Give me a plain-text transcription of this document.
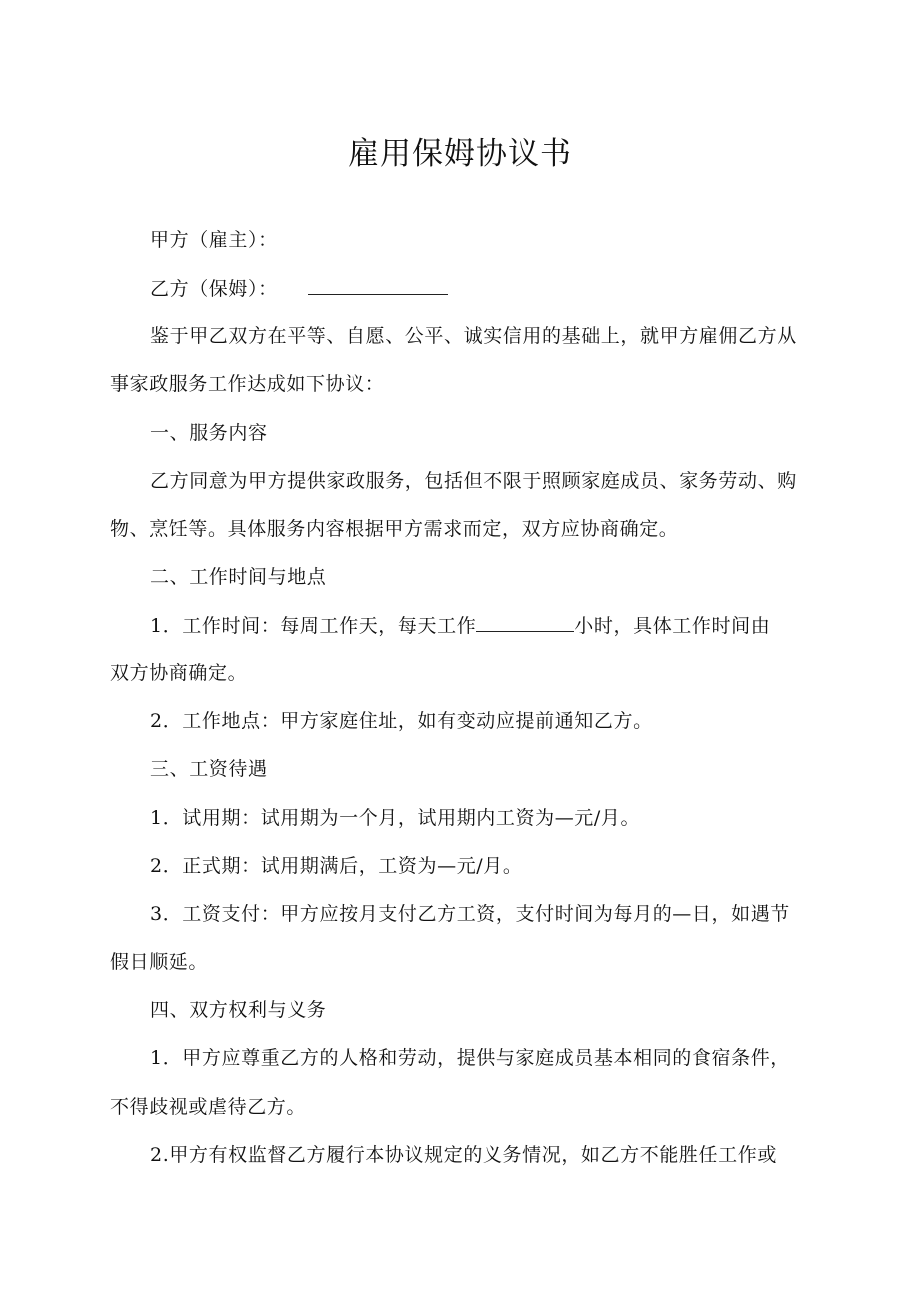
雇用保姆协议书
甲方（雇主）：
乙方（保姆）：
鉴于甲乙双方在平等、自愿、公平、诚实信用的基础上，就甲方雇佣乙方从
事家政服务工作达成如下协议：
一、服务内容
乙方同意为甲方提供家政服务，包括但不限于照顾家庭成员、家务劳动、购
物、烹饪等。具体服务内容根据甲方需求而定，双方应协商确定。
二、工作时间与地点
1．工作时间：每周工作天，每天工作	小时，具体工作时间由
双方协商确定。
2．工作地点：甲方家庭住址，如有变动应提前通知乙方。
三、工资待遇
1．试用期：试用期为一个月，试用期内工资为—元/月。
2．正式期：试用期满后，工资为—元/月。
3．工资支付：甲方应按月支付乙方工资，支付时间为每月的—日，如遇节
假日顺延。
四、双方权利与义务
1．甲方应尊重乙方的人格和劳动，提供与家庭成员基本相同的食宿条件，
不得歧视或虐待乙方。
2.甲方有权监督乙方履行本协议规定的义务情况，如乙方不能胜任工作或
